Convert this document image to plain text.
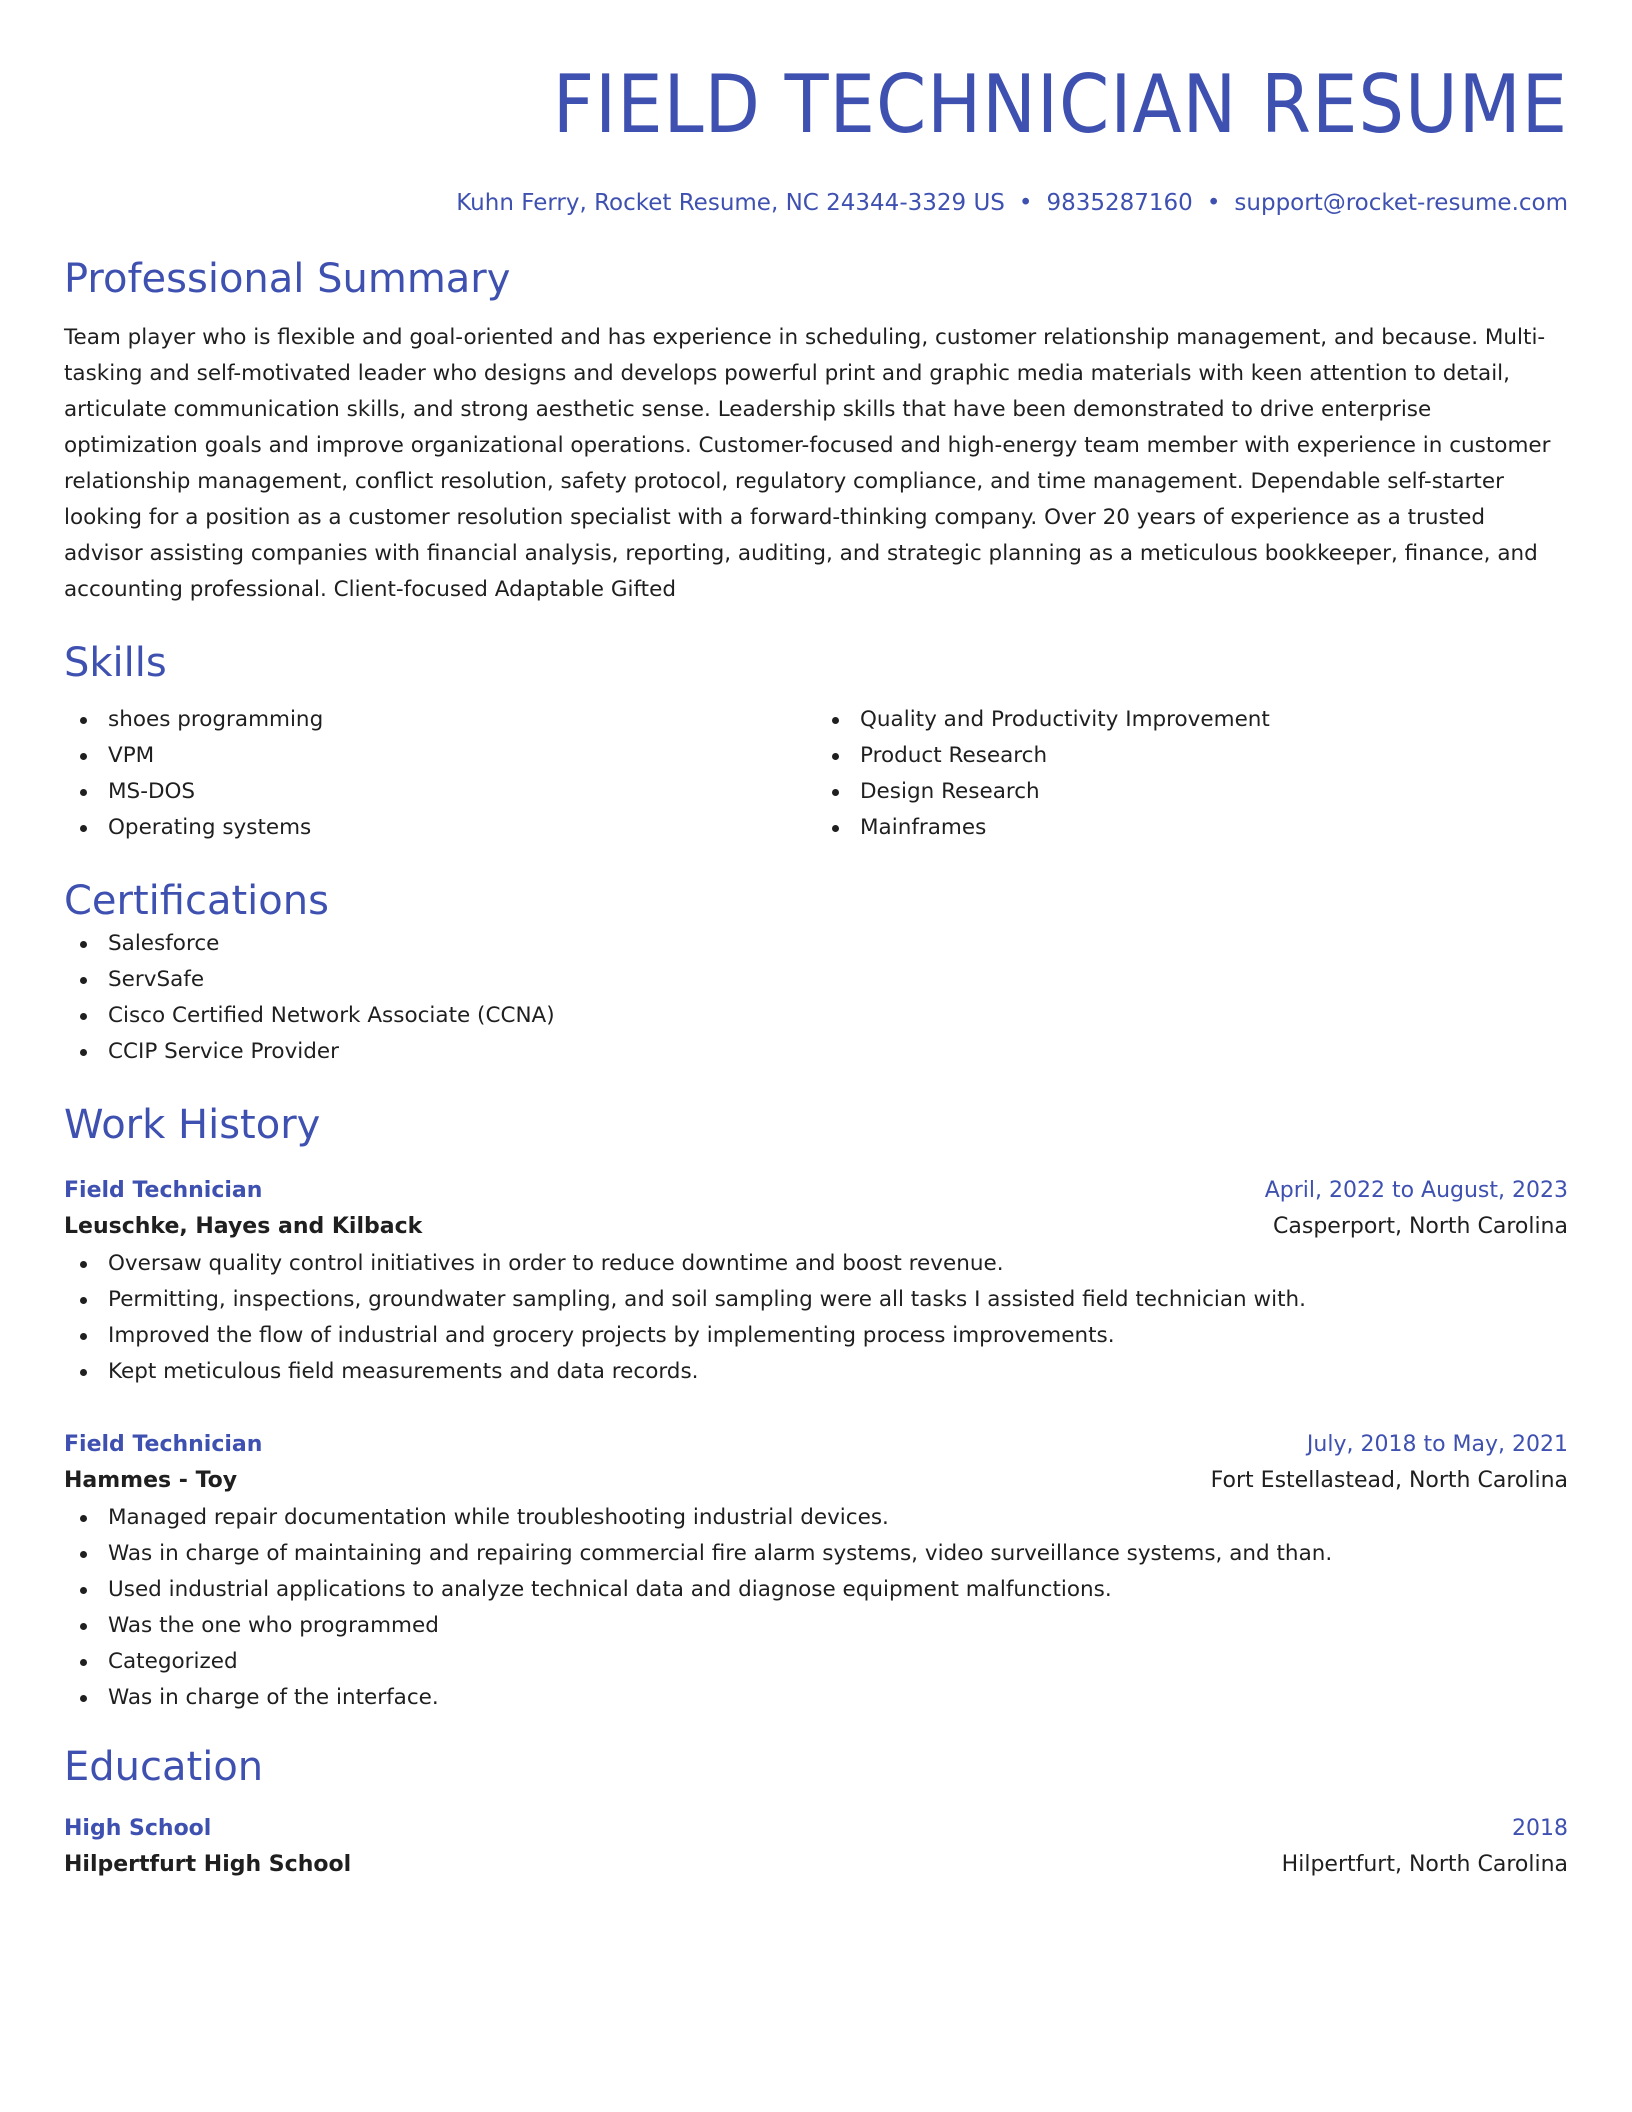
FIELD TECHNICIAN RESUME
Kuhn Ferry, Rocket Resume, NC 24344-3329 US • 9835287160 • support@rocket-resume.com
Professional Summary

Team player who is flexible and goal-oriented and has experience in scheduling, customer relationship management, and because. Multi-tasking and self-motivated leader who designs and develops powerful print and graphic media materials with keen attention to detail, articulate communication skills, and strong aesthetic sense. Leadership skills that have been demonstrated to drive enterprise optimization goals and improve organizational operations. Customer-focused and high-energy team member with experience in customer relationship management, conflict resolution, safety protocol, regulatory compliance, and time management. Dependable self-starter looking for a position as a customer resolution specialist with a forward-thinking company. Over 20 years of experience as a trusted advisor assisting companies with financial analysis, reporting, auditing, and strategic planning as a meticulous bookkeeper, finance, and accounting professional. Client-focused Adaptable Gifted

Skills
shoes programming
VPM
MS-DOS
Operating systems
Quality and Productivity Improvement
Product Research
Design Research
Mainframes
Certifications
Salesforce
ServSafe
Cisco Certified Network Associate (CCNA)
CCIP Service Provider
Work History
Field Technician	April, 2022 to August, 2023
Leuschke, Hayes and Kilback	Casperport, North Carolina
Oversaw quality control initiatives in order to reduce downtime and boost revenue.
Permitting, inspections, groundwater sampling, and soil sampling were all tasks I assisted field technician with.
Improved the flow of industrial and grocery projects by implementing process improvements.
Kept meticulous field measurements and data records.
Field Technician	July, 2018 to May, 2021
Hammes - Toy	Fort Estellastead, North Carolina
Managed repair documentation while troubleshooting industrial devices.
Was in charge of maintaining and repairing commercial fire alarm systems, video surveillance systems, and than.
Used industrial applications to analyze technical data and diagnose equipment malfunctions.
Was the one who programmed
Categorized
Was in charge of the interface.
Education
High School	2018
Hilpertfurt High School	Hilpertfurt, North Carolina
